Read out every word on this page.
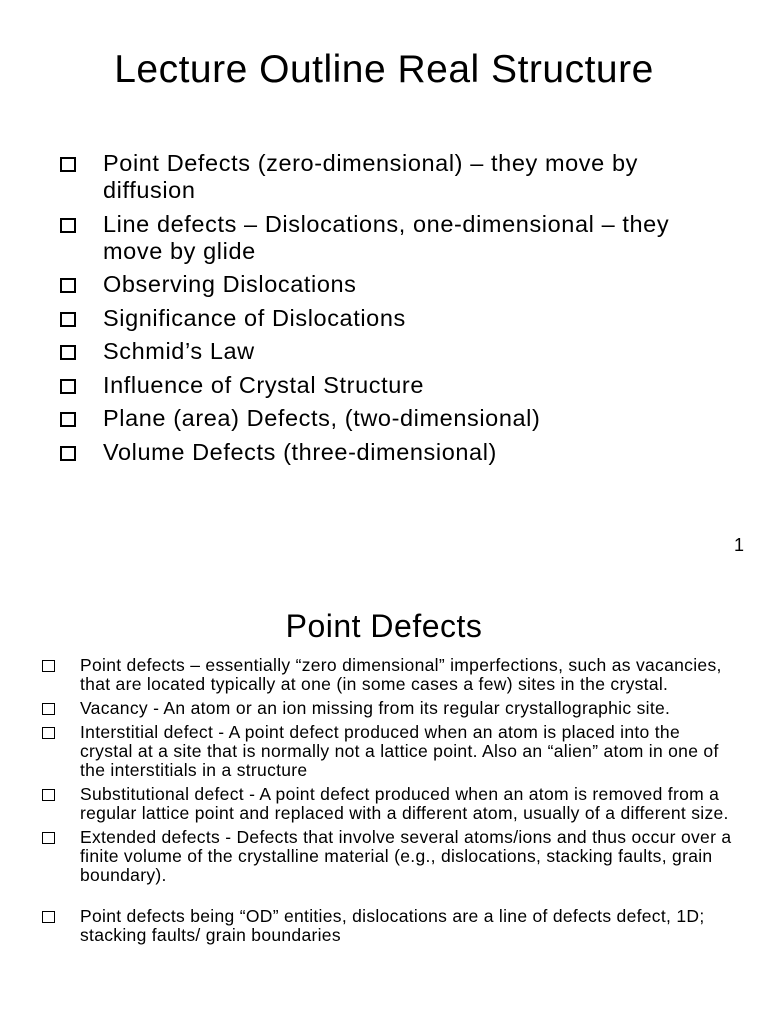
Lecture Outline Real Structure
Point Defects (zero-dimensional) – they move by diffusion
Line defects – Dislocations, one-dimensional – they move by glide
Observing Dislocations
Significance of Dislocations
Schmid’s Law
Influence of Crystal Structure
Plane (area) Defects, (two-dimensional)
Volume Defects (three-dimensional)
1
Point Defects
Point defects – essentially “zero dimensional” imperfections, such as vacancies, that are located typically at one (in some cases a few) sites in the crystal.
Vacancy - An atom or an ion missing from its regular crystallographic site.
Interstitial defect - A point defect produced when an atom is placed into the crystal at a site that is normally not a lattice point. Also an “alien” atom in one of the interstitials in a structure
Substitutional defect - A point defect produced when an atom is removed from a regular lattice point and replaced with a different atom, usually of a different size.
Extended defects - Defects that involve several atoms/ions and thus occur over a finite volume of the crystalline material (e.g., dislocations, stacking faults, grain boundary).
Point defects being “OD” entities, dislocations are a line of defects defect, 1D; stacking faults/ grain boundaries
